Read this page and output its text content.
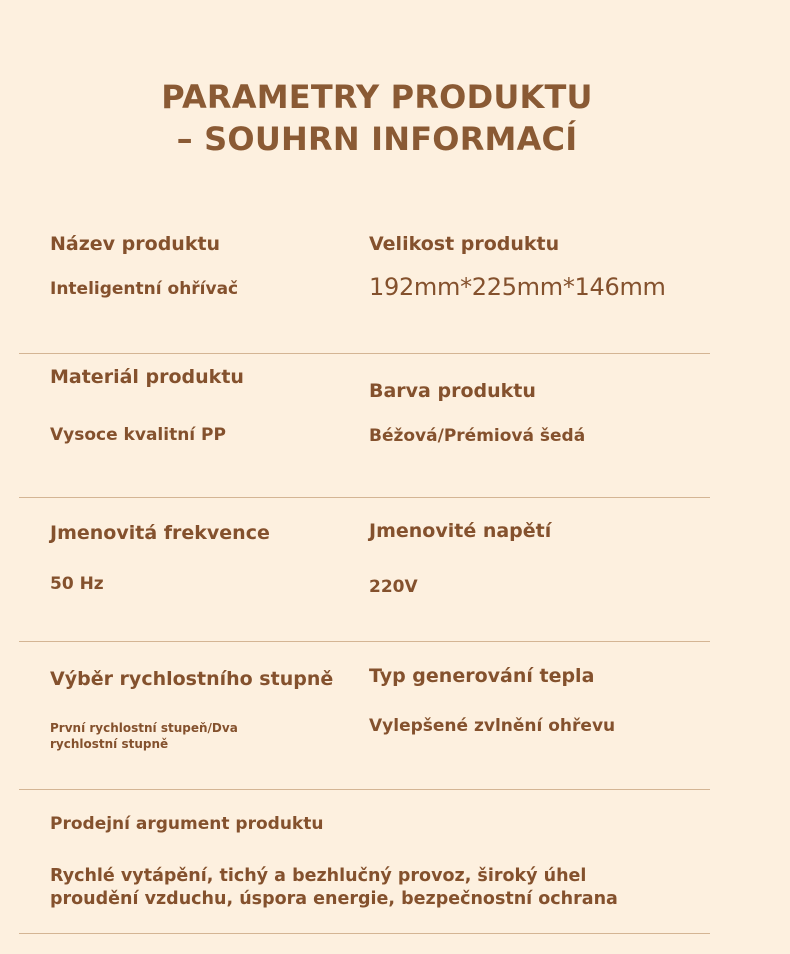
PARAMETRY PRODUKTU
– SOUHRN INFORMACÍ
Název produktu
Inteligentní ohřívač
Velikost produktu
192mm*225mm*146mm
Materiál produktu
Vysoce kvalitní PP
Barva produktu
Béžová/Prémiová šedá
Jmenovitá frekvence
50 Hz
Jmenovité napětí
220V
Výběr rychlostního stupně
První rychlostní stupeň/Dva rychlostní stupně
Typ generování tepla
Vylepšené zvlnění ohřevu
Prodejní argument produktu
Rychlé vytápění, tichý a bezhlučný provoz, široký úhel proudění vzduchu, úspora energie, bezpečnostní ochrana
